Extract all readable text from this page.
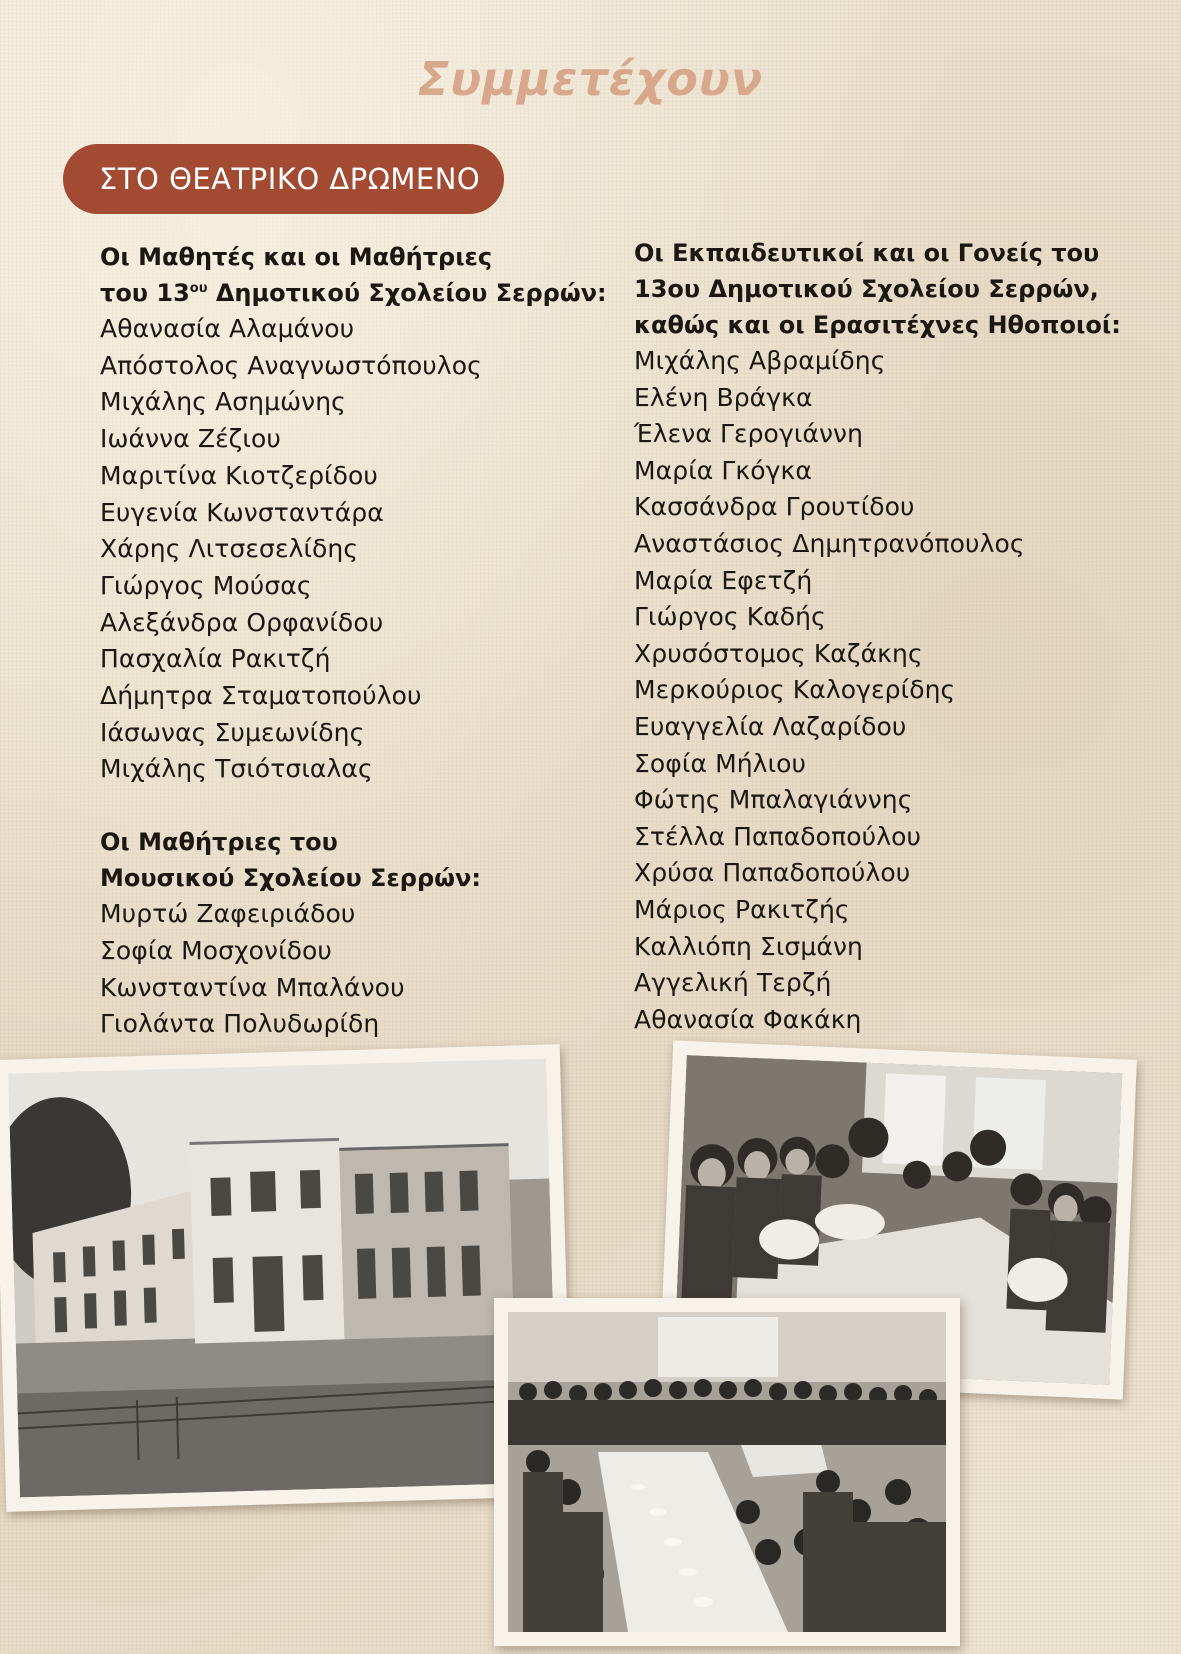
Συμμετέχουν
ΣΤΟ ΘΕΑΤΡΙΚΟ ΔΡΩΜΕΝΟ
Οι Μαθητές και οι Μαθήτριες
του $13^{o\upsilon}$ Δημοτικού Σχολείου Σερρών:
Αθανασία Αλαμάνου
Απόστολος Αναγνωστόπουλος
Μιχάλης Ασημώνης
Ιωάννα Ζέζιου
Μαριτίνα Κιοτζερίδου
Ευγενία Κωνσταντάρα
Χάρης Λιτσεσελίδης
Γιώργος Μούσας
Αλεξάνδρα Ορφανίδου
Πασχαλία Ρακιτζή
Δήμητρα Σταματοπούλου
Ιάσωνας Συμεωνίδης
Μιχάλης Τσιότσιαλας
Οι Μαθήτριες του
Μουσικού Σχολείου Σερρών:
Μυρτώ Ζαφειριάδου
Σοφία Μοσχονίδου
Κωνσταντίνα Μπαλάνου
Γιολάντα Πολυδωρίδη
Οι Εκπαιδευτικοί και οι Γονείς του
13ου Δημοτικού Σχολείου Σερρών,
καθώς και οι Ερασιτέχνες Ηθοποιοί:
Μιχάλης Αβραμίδης
Ελένη Βράγκα
Έλενα Γερογιάννη
Μαρία Γκόγκα
Κασσάνδρα Γρουτίδου
Αναστάσιος Δημητρανόπουλος
Μαρία Εφετζή
Γιώργος Καδής
Χρυσόστομος Καζάκης
Μερκούριος Καλογερίδης
Ευαγγελία Λαζαρίδου
Σοφία Μήλιου
Φώτης Μπαλαγιάννης
Στέλλα Παπαδοπούλου
Χρύσα Παπαδοπούλου
Μάριος Ρακιτζής
Καλλιόπη Σισμάνη
Αγγελική Τερζή
Αθανασία Φακάκη
